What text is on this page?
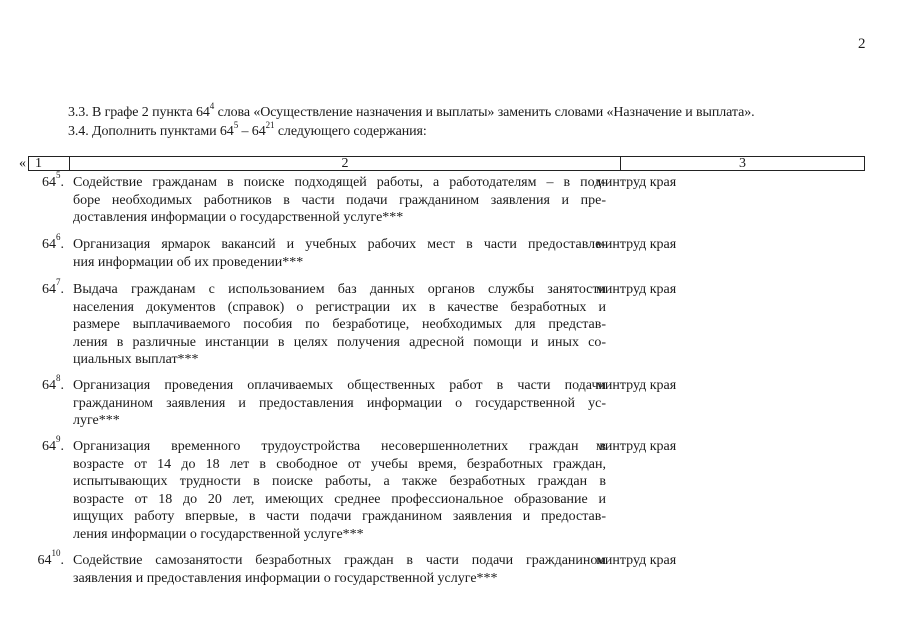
2
3.3. В графе 2 пункта $64^4$ слова «Осуществление назначения и выплаты» заменить словами «Назначение и выплата».
3.4. Дополнить пунктами $64^5 - 64^{21}$ следующего содержания:
« 1	2	3
$64^5$. Содействие гражданам в поиске подходящей работы, а работодателям – в под-
боре необходимых работников в части подачи гражданином заявления и пре-
доставления информации о государственной услуге***
минтруд края
$64^6$. Организация ярмарок вакансий и учебных рабочих мест в части предоставле-
ния информации об их проведении***
минтруд края
$64^7$. Выдача гражданам с использованием баз данных органов службы занятости
населения документов (справок) о регистрации их в качестве безработных и
размере выплачиваемого пособия по безработице, необходимых для представ-
ления в различные инстанции в целях получения адресной помощи и иных со-
циальных выплат***
минтруд края
$64^8$. Организация проведения оплачиваемых общественных работ в части подачи
гражданином заявления и предоставления информации о государственной ус-
луге***
минтруд края
$64^9$. Организация временного трудоустройства несовершеннолетних граждан в
возрасте от 14 до 18 лет в свободное от учебы время, безработных граждан,
испытывающих трудности в поиске работы, а также безработных граждан в
возрасте от 18 до 20 лет, имеющих среднее профессиональное образование и
ищущих работу впервые, в части подачи гражданином заявления и предостав-
ления информации о государственной услуге***
минтруд края
$64^{10}$. Содействие самозанятости безработных граждан в части подачи гражданином
заявления и предоставления информации о государственной услуге***
минтруд края
